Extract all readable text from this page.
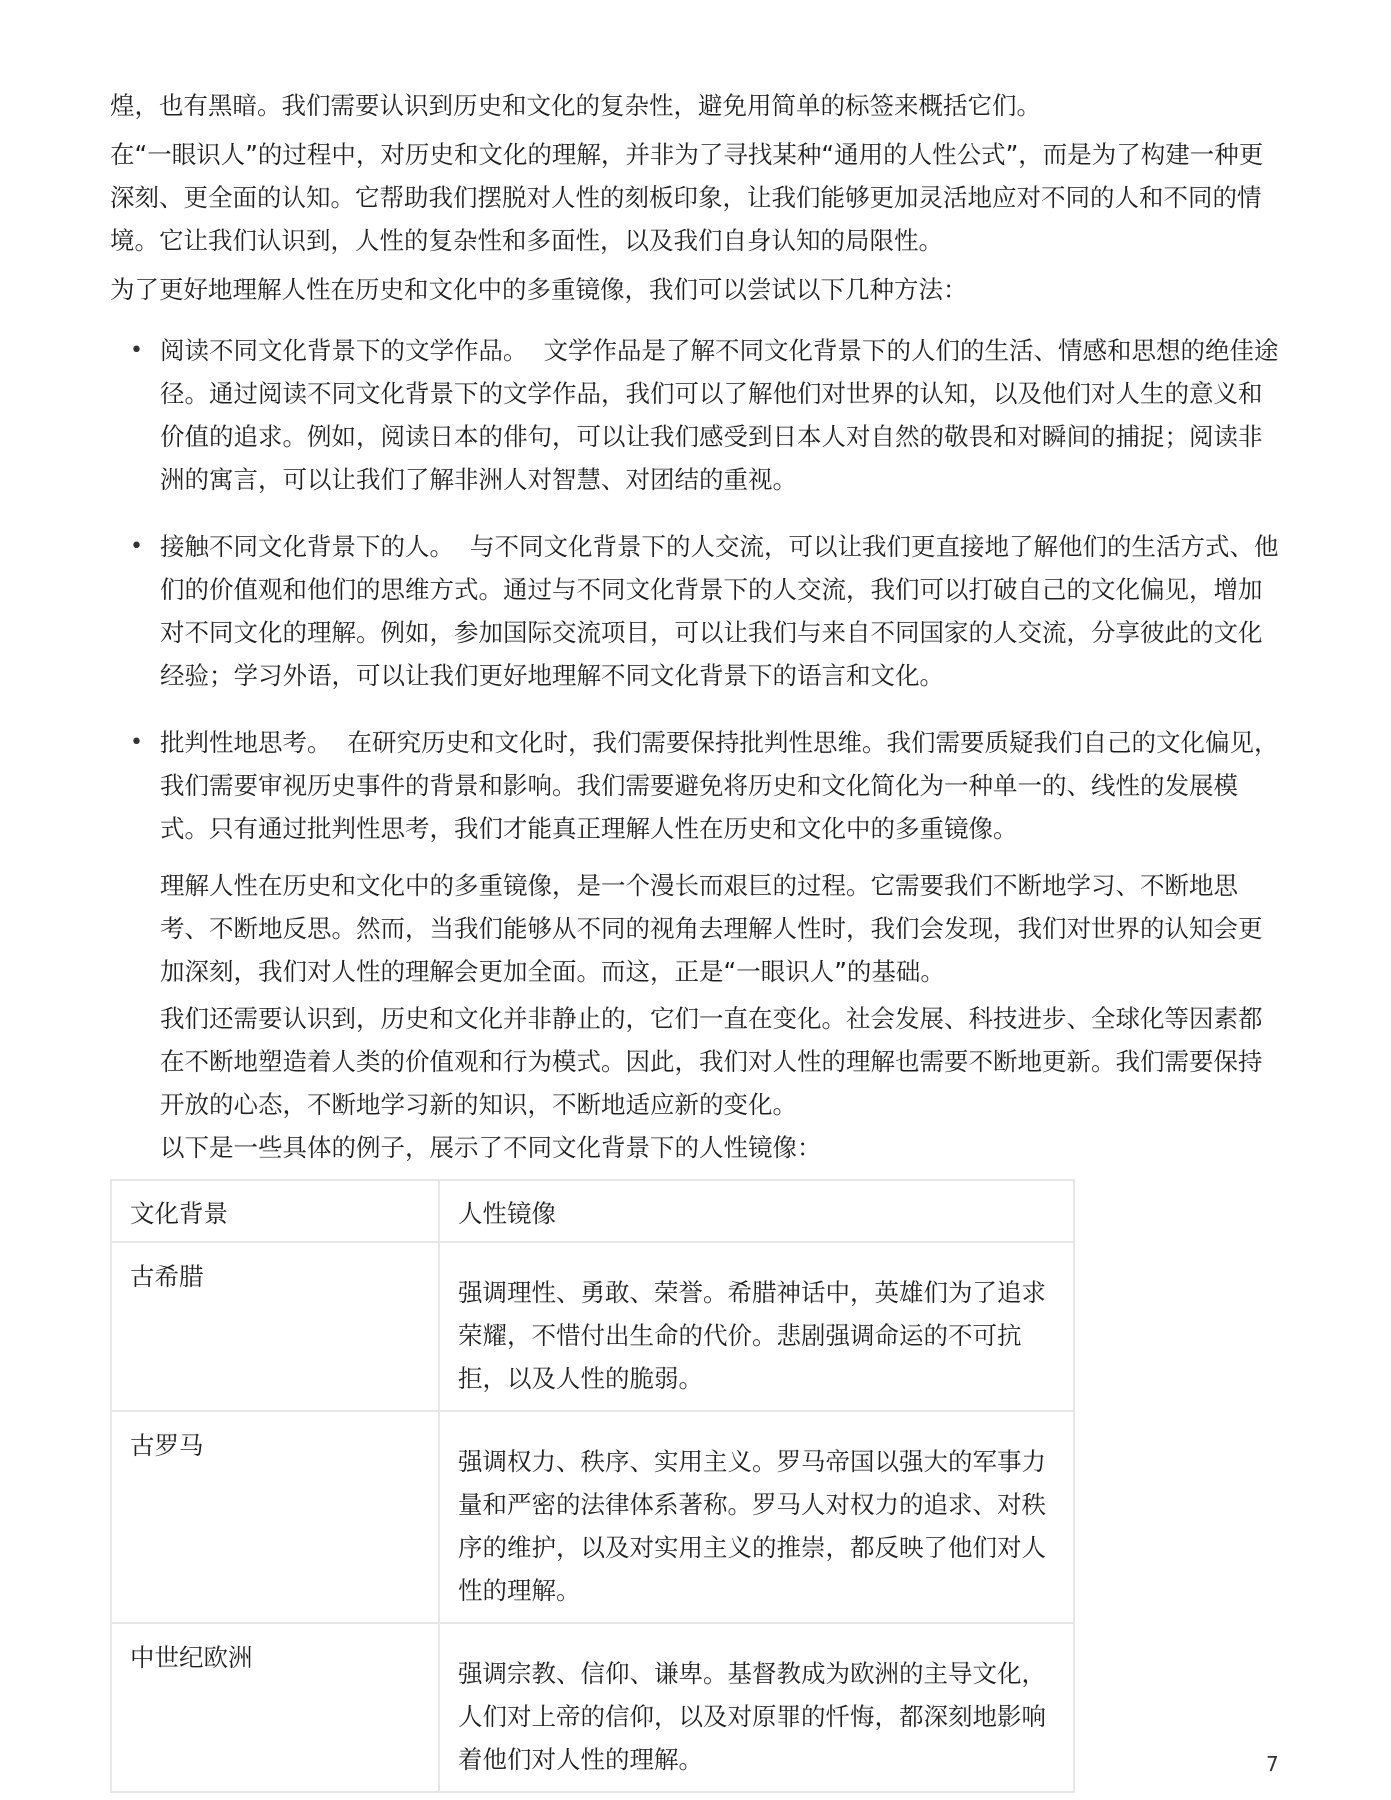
煌，也有黑暗。我们需要认识到历史和文化的复杂性，避免用简单的标签来概括它们。

在“一眼识人”的过程中，对历史和文化的理解，并非为了寻找某种“通用的人性公式”，而是为了构建一种更深刻、更全面的认知。它帮助我们摆脱对人性的刻板印象，让我们能够更加灵活地应对不同的人和不同的情境。它让我们认识到，人性的复杂性和多面性，以及我们自身认知的局限性。

为了更好地理解人性在历史和文化中的多重镜像，我们可以尝试以下几种方法：

• 阅读不同文化背景下的文学作品。 文学作品是了解不同文化背景下的人们的生活、情感和思想的绝佳途径。通过阅读不同文化背景下的文学作品，我们可以了解他们对世界的认知，以及他们对人生的意义和价值的追求。例如，阅读日本的俳句，可以让我们感受到日本人对自然的敬畏和对瞬间的捕捉；阅读非洲的寓言，可以让我们了解非洲人对智慧、对团结的重视。
• 接触不同文化背景下的人。 与不同文化背景下的人交流，可以让我们更直接地了解他们的生活方式、他们的价值观和他们的思维方式。通过与不同文化背景下的人交流，我们可以打破自己的文化偏见，增加对不同文化的理解。例如，参加国际交流项目，可以让我们与来自不同国家的人交流，分享彼此的文化经验；学习外语，可以让我们更好地理解不同文化背景下的语言和文化。
• 批判性地思考。 在研究历史和文化时，我们需要保持批判性思维。我们需要质疑我们自己的文化偏见，我们需要审视历史事件的背景和影响。我们需要避免将历史和文化简化为一种单一的、线性的发展模式。只有通过批判性思考，我们才能真正理解人性在历史和文化中的多重镜像。

理解人性在历史和文化中的多重镜像，是一个漫长而艰巨的过程。它需要我们不断地学习、不断地思考、不断地反思。然而，当我们能够从不同的视角去理解人性时，我们会发现，我们对世界的认知会更加深刻，我们对人性的理解会更加全面。而这，正是“一眼识人”的基础。

我们还需要认识到，历史和文化并非静止的，它们一直在变化。社会发展、科技进步、全球化等因素都在不断地塑造着人类的价值观和行为模式。因此，我们对人性的理解也需要不断地更新。我们需要保持开放的心态，不断地学习新的知识，不断地适应新的变化。

以下是一些具体的例子，展示了不同文化背景下的人性镜像：

文化背景	人性镜像
古希腊	强调理性、勇敢、荣誉。希腊神话中，英雄们为了追求荣耀，不惜付出生命的代价。悲剧强调命运的不可抗拒，以及人性的脆弱。
古罗马	强调权力、秩序、实用主义。罗马帝国以强大的军事力量和严密的法律体系著称。罗马人对权力的追求、对秩序的维护，以及对实用主义的推崇，都反映了他们对人性的理解。
中世纪欧洲	强调宗教、信仰、谦卑。基督教成为欧洲的主导文化，人们对上帝的信仰，以及对原罪的忏悔，都深刻地影响着他们对人性的理解。	7
